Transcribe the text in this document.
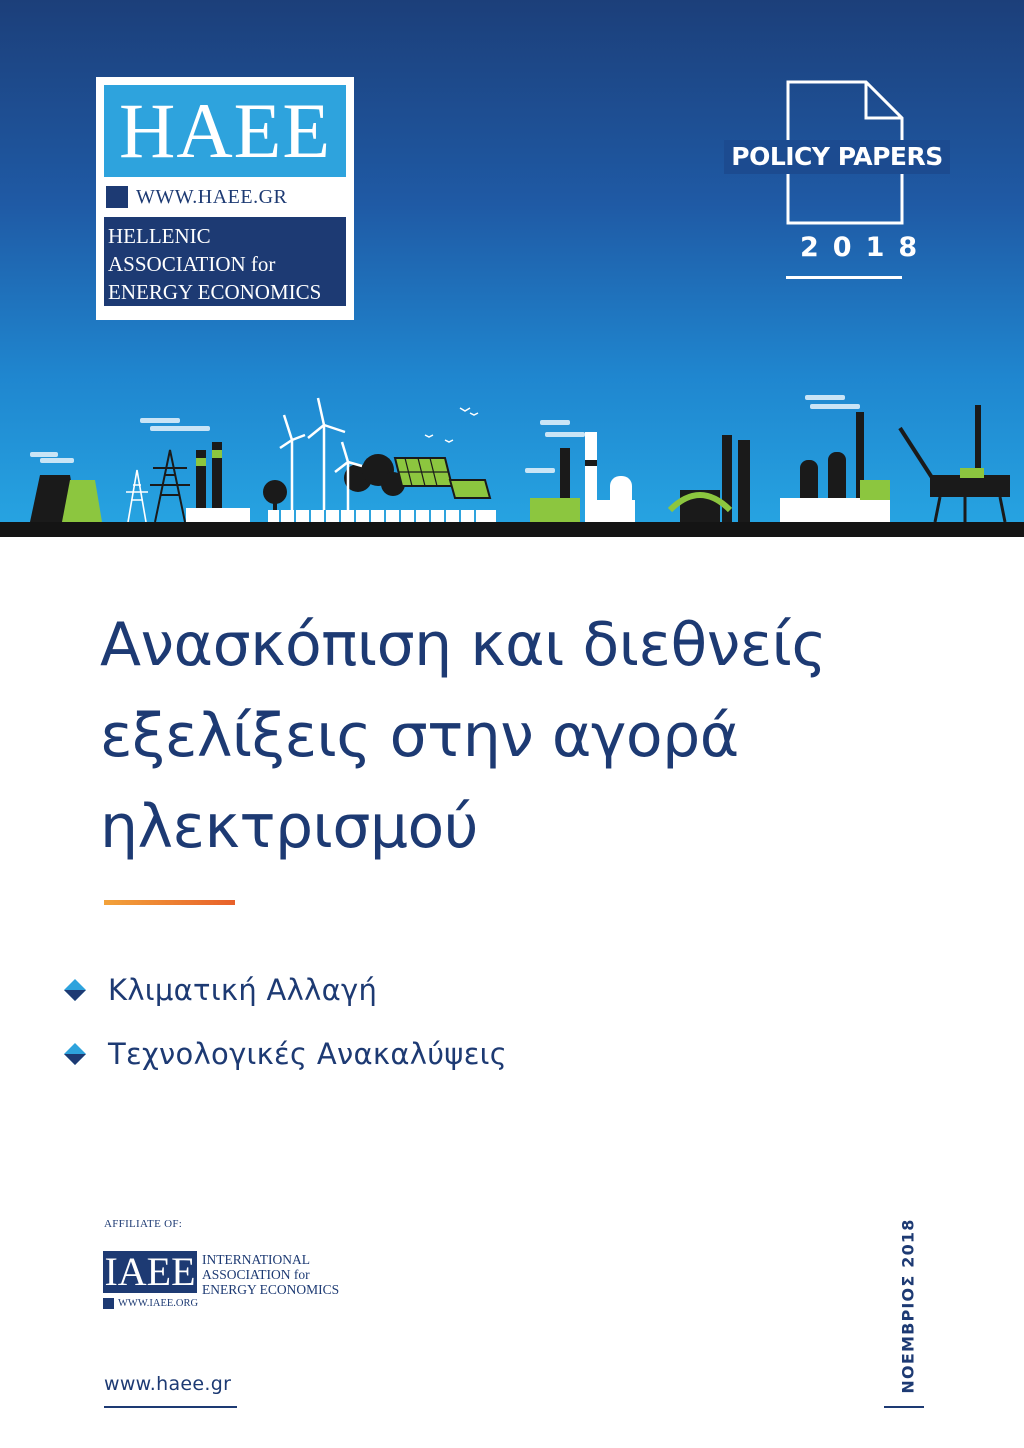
HAEE
WWW.HAEE.GR
HELLENIC
ASSOCIATION for
ENERGY ECONOMICS
POLICY PAPERS
2018
Ανασκόπιση και διεθνείς
εξελίξεις στην αγορά
ηλεκτρισμού
Κλιματική Αλλαγή
Τεχνολογικές Ανακαλύψεις
AFFILIATE OF:
IAEE INTERNATIONAL
ASSOCIATION for
ENERGY ECONOMICS
WWW.IAEE.ORG
www.haee.gr	ΝΟΕΜΒΡΙΟΣ 2018
